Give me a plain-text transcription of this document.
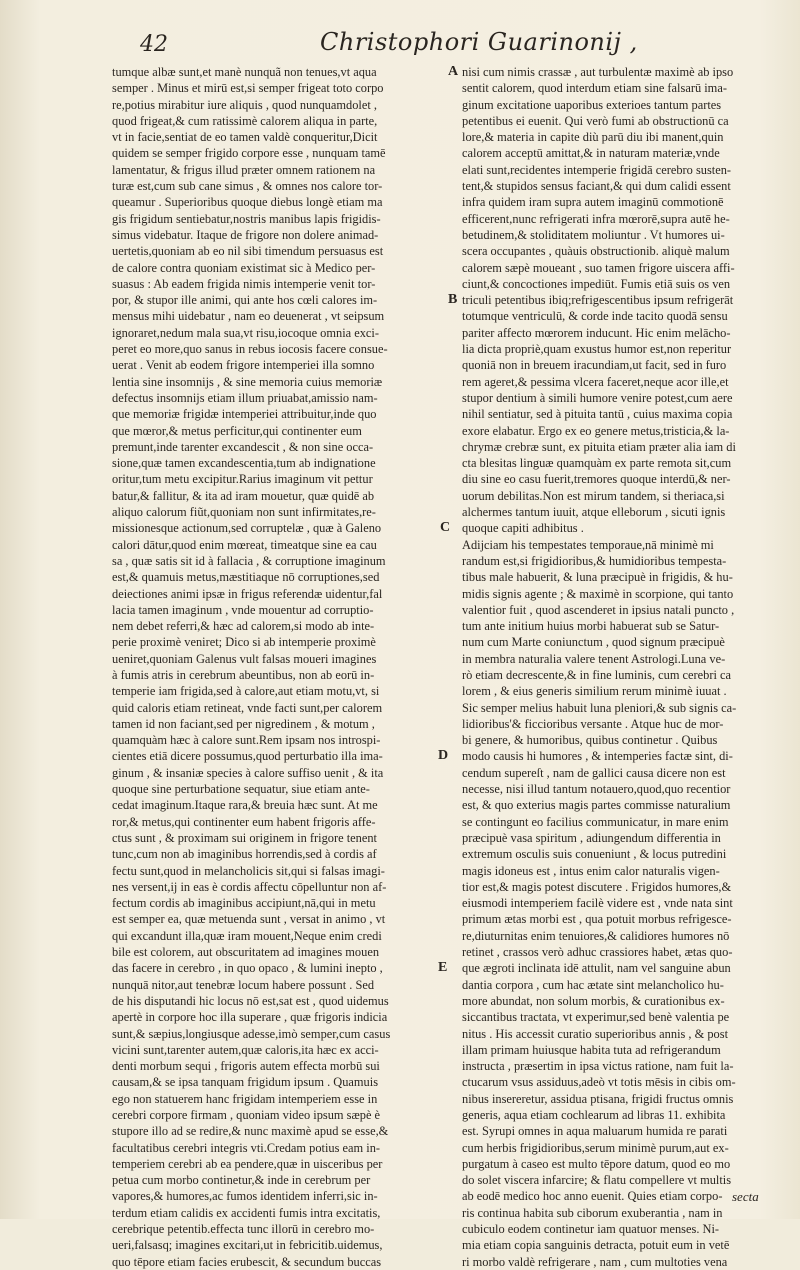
42	Christophori Guarinonij ,
tumque albæ sunt,et manè nunquã non tenues,vt aqua
semper . Minus et mirū est,si semper frigeat toto corpo
re,potius mirabitur iure aliquis , quod nunquamdolet ,
quod frigeat,& cum ratissimè calorem aliqua in parte,
vt in facie,sentiat de eo tamen valdè conqueritur,Dicit
quidem se semper frigido corpore esse , nunquam tamē
lamentatur, & frigus illud præter omnem rationem na
turæ est,cum sub cane simus , & omnes nos calore tor-
queamur . Superioribus quoque diebus longè etiam ma
gis frigidum sentiebatur,nostris manibus lapis frigidis-
simus videbatur. Itaque de frigore non dolere animad-
uertetis,quoniam ab eo nil sibi timendum persuasus est
de calore contra quoniam existimat sic à Medico per-
suasus : Ab eadem frigida nimis intemperie venit tor-
por, & stupor ille animi, qui ante hos cœli calores im-
mensus mihi uidebatur , nam eo deuenerat , vt seipsum
ignoraret,nedum mala sua,vt risu,iocoque omnia exci-
peret eo more,quo sanus in rebus iocosis facere consue-
uerat . Venit ab eodem frigore intemperiei illa somno
lentia sine insomnijs , & sine memoria cuius memoriæ
defectus insomnijs etiam illum priuabat,amissio nam-
que memoriæ frigidæ intemperiei attribuitur,inde quo
que mœror,& metus perficitur,qui continenter eum
premunt,inde tarenter excandescit , & non sine occa-
sione,quæ tamen excandescentia,tum ab indignatione
oritur,tum metu excipitur.Rarius imaginum vit pettur
batur,& fallitur, & ita ad iram mouetur, quæ quidē ab
aliquo calorum fiũt,quoniam non sunt infirmitates,re-
missionesque actionum,sed corruptelæ , quæ à Galeno
calori dātur,quod enim mœreat, timeatque sine ea cau
sa , quæ satis sit id à fallacia , & corruptione imaginum
est,& quamuis metus,mæstitiaque nō corruptiones,sed
deiectiones animi ipsæ in frigus referendæ uidentur,fal
lacia tamen imaginum , vnde mouentur ad corruptio-
nem debet referri,& hæc ad calorem,si modo ab inte-
perie proximè veniret; Dico si ab intemperie proximè
ueniret,quoniam Galenus vult falsas moueri imagines
à fumis atris in cerebrum abeuntibus, non ab eorū in-
temperie iam frigida,sed à calore,aut etiam motu,vt, si
quid caloris etiam retineat, vnde facti sunt,per calorem
tamen id non faciant,sed per nigredinem , & motum ,
quamquàm hæc à calore sunt.Rem ipsam nos introspi-
cientes etiā dicere possumus,quod perturbatio illa ima-
ginum , & insaniæ species à calore suffiso uenit , & ita
quoque sine perturbatione sequatur, siue etiam ante-
cedat imaginum.Itaque rara,& breuia hæc sunt. At me
ror,& metus,qui continenter eum habent frigoris affe-
ctus sunt , & proximam sui originem in frigore tenent
tunc,cum non ab imaginibus horrendis,sed à cordis af
fectu sunt,quod in melancholicis sit,qui si falsas imagi-
nes versent,ij in eas è cordis affectu cōpelluntur non af-
fectum cordis ab imaginibus accipiunt,nā,qui in metu
est semper ea, quæ metuenda sunt , versat in animo , vt
qui excandunt illa,quæ iram mouent,Neque enim credi
bile est colorem, aut obscuritatem ad imagines mouen
das facere in cerebro , in quo opaco , & lumini inepto ,
nunquā nitor,aut tenebræ locum habere possunt . Sed
de his disputandi hic locus nō est,sat est , quod uidemus
apertè in corpore hoc illa superare , quæ frigoris indicia
sunt,& sæpius,longiusque adesse,imò semper,cum casus
vicini sunt,tarenter autem,quæ caloris,ita hæc ex acci-
denti morbum sequi , frigoris autem effecta morbū sui
causam,& se ipsa tanquam frigidum ipsum . Quamuis
ego non statuerem hanc frigidam intemperiem esse in
cerebri corpore firmam , quoniam video ipsum sæpè è
stupore illo ad se redire,& nunc maximè apud se esse,&
facultatibus cerebri integris vti.Credam potius eam in-
temperiem cerebri ab ea pendere,quæ in uisceribus per
petua cum morbo continetur,& inde in cerebrum per
vapores,& humores,ac fumos identidem inferri,sic in-
terdum etiam calidis ex accidenti fumis intra excitatis,
cerebrique petentib.effecta tunc illorū in cerebro mo-
ueri,falsasq; imagines excitari,ut in febricitib.uidemus,
quo tēpore etiam facies erubescit, & secundum buccas
nisi cum nimis crassæ , aut turbulentæ maximè ab ipso
sentit calorem, quod interdum etiam sine falsarū ima-
ginum excitatione uaporibus exterioes tantum partes
petentibus ei euenit. Qui verò fumi ab obstructionū ca
lore,& materia in capite diù parū diu ibi manent,quin
calorem acceptū amittat,& in naturam materiæ,vnde
elati sunt,recidentes intemperie frigidā cerebro susten-
tent,& stupidos sensus faciant,& qui dum calidi essent
infra quidem iram supra autem imaginū commotionē
efficerent,nunc refrigerati infra mœrorē,supra autē he-
betudinem,& stoliditatem moliuntur . Vt humores ui-
scera occupantes , quàuis obstructionib. aliquè malum
calorem sæpè moueant , suo tamen frigore uiscera affi-
ciunt,& concoctiones impediūt. Fumis etiā suis os ven
triculi petentibus ibiq;refrigescentibus ipsum refrigerāt
totumque ventriculū, & corde inde tacito quodā sensu
pariter affecto mœrorem inducunt. Hic enim melācho-
lia dicta propriè,quam exustus humor est,non reperitur
quoniā non in breuem iracundiam,ut facit, sed in furo
rem ageret,& pessima vlcera faceret,neque acor ille,et
stupor dentium à simili humore venire potest,cum aere
nihil sentiatur, sed à pituita tantū , cuius maxima copia
exore elabatur. Ergo ex eo genere metus,tristicia,& la-
chrymæ crebræ sunt, ex pituita etiam præter alia iam di
cta blesitas linguæ quamquàm ex parte remota sit,cum
diu sine eo casu fuerit,tremores quoque interdū,& ner-
uorum debilitas.Non est mirum tandem, si theriaca,si
alchermes tantum iuuit, atque elleborum , sicuti ignis
quoque capiti adhibitus .
Adijciam his tempestates temporaue,nā minimè mi
randum est,si frigidioribus,& humidioribus tempesta-
tibus male habuerit, & luna præcipuè in frigidis, & hu-
midis signis agente ; & maximè in scorpione, qui tanto
valentior fuit , quod ascenderet in ipsius natali puncto ,
tum ante initium huius morbi habuerat sub se Satur-
num cum Marte coniunctum , quod signum præcipuè
in membra naturalia valere tenent Astrologi.Luna ve-
rò etiam decrescente,& in fine luminis, cum cerebri ca
lorem , & eius generis similium rerum minimè iuuat .
Sic semper melius habuit luna pleniori,& sub signis ca-
lidioribus'& ficcioribus versante . Atque huc de mor-
bi genere, & humoribus, quibus continetur . Quibus
modo causis hi humores , & intemperies factæ sint, di-
cendum supereſt , nam de gallici causa dicere non est
necesse, nisi illud tantum notauero,quod,quo recentior
est, & quo exterius magis partes commisse naturalium
se contingunt eo facilius communicatur, in mare enim
præcipuè vasa spiritum , adiungendum differentia in
extremum osculis suis conueniunt , & locus putredini
magis idoneus est , intus enim calor naturalis vigen-
tior est,& magis potest discutere . Frigidos humores,&
eiusmodi intemperiem facilè videre est , vnde nata sint
primum ætas morbi est , qua potuit morbus refrigesce-
re,diuturnitas enim tenuiores,& calidiores humores nō
retinet , crassos verò adhuc crassiores habet, ætas quo-
que ægroti inclinata idē attulit, nam vel sanguine abun
dantia corpora , cum hac ætate sint melancholico hu-
more abundat, non solum morbis, & curationibus ex-
siccantibus tractata, vt experimur,sed benè valentia pe
nitus . His accessit curatio superioribus annis , & post
illam primam huiusque habita tuta ad refrigerandum
instructa , præsertim in ipsa victus ratione, nam fuit la-
ctucarum vsus assiduus,adeò vt totis mēsis in cibis om-
nibus insereretur, assidua ptisana, frigidi fructus omnis
generis, aqua etiam cochlearum ad libras 11. exhibita
est. Syrupi omnes in aqua maluarum humida re parati
cum herbis frigidioribus,serum minimè purum,aut ex-
purgatum à caseo est multo tēpore datum, quod eo mo
do solet viscera infarcire; & flatu compellere vt multis
ab eodē medico hoc anno euenit. Quies etiam corpo-
ris continua habita sub ciborum exuberantia , nam in
cubiculo eodem continetur iam quatuor menses. Ni-
mia etiam copia sanguinis detracta, potuit eum in vetē
ri morbo valdè refrigerare , nam , cum multoties vena
A
B
C
D
E
secta
